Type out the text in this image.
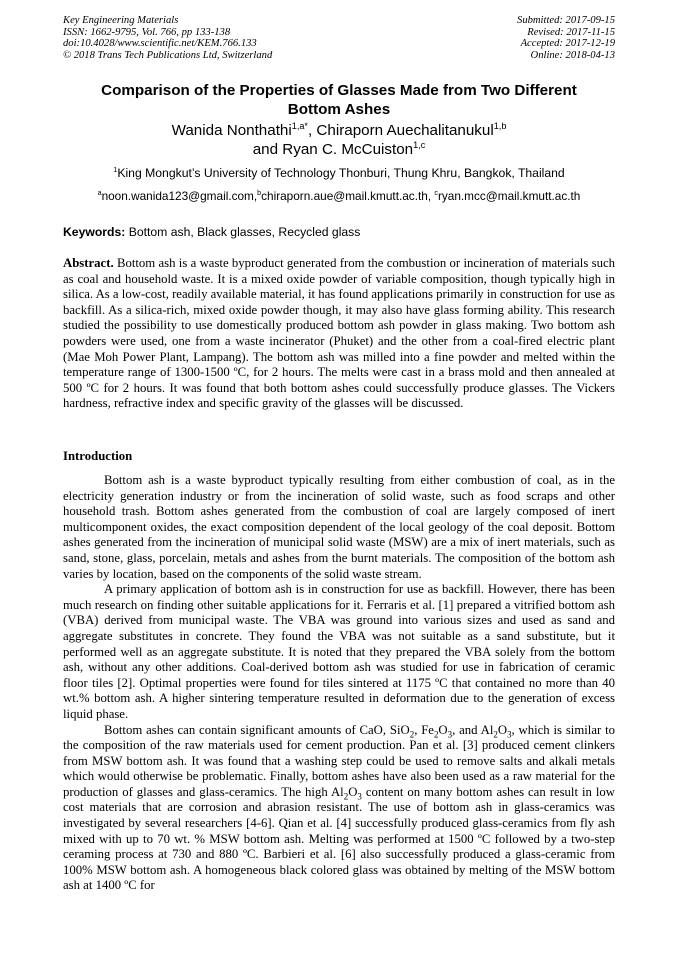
Key Engineering Materials
ISSN: 1662-9795, Vol. 766, pp 133-138
doi:10.4028/www.scientific.net/KEM.766.133
© 2018 Trans Tech Publications Ltd, Switzerland
Submitted: 2017-09-15
Revised: 2017-11-15
Accepted: 2017-12-19
Online: 2018-04-13
Comparison of the Properties of Glasses Made from Two Different
Bottom Ashes
Wanida Nonthathi$^{1,a*}$, Chiraporn Auechalitanukul$^{1,b}$
and Ryan C. McCuiston$^{1,c}$
$^1$King Mongkut’s University of Technology Thonburi, Thung Khru, Bangkok, Thailand
$^a$noon.wanida123@gmail.com,$^b$chiraporn.aue@mail.kmutt.ac.th, $^c$ryan.mcc@mail.kmutt.ac.th
Keywords: Bottom ash, Black glasses, Recycled glass

Abstract. Bottom ash is a waste byproduct generated from the combustion or incineration of materials such as coal and household waste. It is a mixed oxide powder of variable composition, though typically high in silica. As a low-cost, readily available material, it has found applications primarily in construction for use as backfill. As a silica-rich, mixed oxide powder though, it may also have glass forming ability. This research studied the possibility to use domestically produced bottom ash powder in glass making. Two bottom ash powders were used, one from a waste incinerator (Phuket) and the other from a coal-fired electric plant (Mae Moh Power Plant, Lampang). The bottom ash was milled into a fine powder and melted within the temperature range of 1300-1500 ºC, for 2 hours. The melts were cast in a brass mold and then annealed at 500 ºC for 2 hours. It was found that both bottom ashes could successfully produce glasses. The Vickers hardness, refractive index and specific gravity of the glasses will be discussed.

Introduction

Bottom ash is a waste byproduct typically resulting from either combustion of coal, as in the electricity generation industry or from the incineration of solid waste, such as food scraps and other household trash. Bottom ashes generated from the combustion of coal are largely composed of inert multicomponent oxides, the exact composition dependent of the local geology of the coal deposit. Bottom ashes generated from the incineration of municipal solid waste (MSW) are a mix of inert materials, such as sand, stone, glass, porcelain, metals and ashes from the burnt materials. The composition of the bottom ash varies by location, based on the components of the solid waste stream.

A primary application of bottom ash is in construction for use as backfill. However, there has been much research on finding other suitable applications for it. Ferraris et al. [1] prepared a vitrified bottom ash (VBA) derived from municipal waste. The VBA was ground into various sizes and used as sand and aggregate substitutes in concrete. They found the VBA was not suitable as a sand substitute, but it performed well as an aggregate substitute. It is noted that they prepared the VBA solely from the bottom ash, without any other additions. Coal-derived bottom ash was studied for use in fabrication of ceramic floor tiles [2]. Optimal properties were found for tiles sintered at 1175 ºC that contained no more than 40 wt.% bottom ash. A higher sintering temperature resulted in deformation due to the generation of excess liquid phase.

Bottom ashes can contain significant amounts of CaO, SiO$_2$, $Fe_2O_3$, and $Al_2O_3$, which is similar to the composition of the raw materials used for cement production. Pan et al. [3] produced cement clinkers from MSW bottom ash. It was found that a washing step could be used to remove salts and alkali metals which would otherwise be problematic. Finally, bottom ashes have also been used as a raw material for the production of glasses and glass-ceramics. The high $Al_2O_3$ content on many bottom ashes can result in low cost materials that are corrosion and abrasion resistant. The use of bottom ash in glass-ceramics was investigated by several researchers [4-6]. Qian et al. [4] successfully produced glass-ceramics from fly ash mixed with up to 70 wt. % MSW bottom ash. Melting was performed at 1500 ºC followed by a two-step ceraming process at 730 and 880 ºC. Barbieri et al. [6] also successfully produced a glass-ceramic from 100% MSW bottom ash. A homogeneous black colored glass was obtained by melting of the MSW bottom ash at 1400 ºC for
